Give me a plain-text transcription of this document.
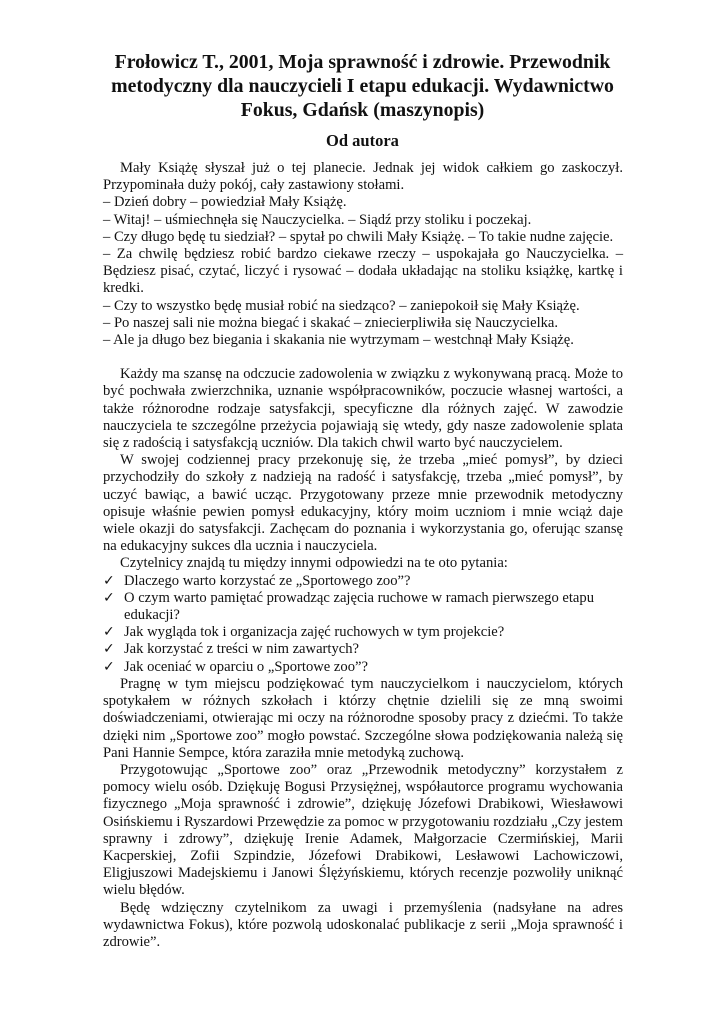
Frołowicz T., 2001, Moja sprawność i zdrowie. Przewodnik metodyczny dla nauczycieli I etapu edukacji. Wydawnictwo Fokus, Gdańsk (maszynopis)
Od autora

Mały Książę słyszał już o tej planecie. Jednak jej widok całkiem go zaskoczył. Przypominała duży pokój, cały zastawiony stołami.

– Dzień dobry – powiedział Mały Książę.

– Witaj! – uśmiechnęła się Nauczycielka. – Siądź przy stoliku i poczekaj.

– Czy długo będę tu siedział? – spytał po chwili Mały Książę. – To takie nudne zajęcie.

– Za chwilę będziesz robić bardzo ciekawe rzeczy – uspokajała go Nauczycielka. – Będziesz pisać, czytać, liczyć i rysować – dodała układając na stoliku książkę, kartkę i kredki.

– Czy to wszystko będę musiał robić na siedząco? – zaniepokoił się Mały Książę.

– Po naszej sali nie można biegać i skakać – zniecierpliwiła się Nauczycielka.

– Ale ja długo bez biegania i skakania nie wytrzymam – westchnął Mały Książę.

Każdy ma szansę na odczucie zadowolenia w związku z wykonywaną pracą. Może to być pochwała zwierzchnika, uznanie współpracowników, poczucie własnej wartości, a także różnorodne rodzaje satysfakcji, specyficzne dla różnych zajęć. W zawodzie nauczyciela te szczególne przeżycia pojawiają się wtedy, gdy nasze zadowolenie splata się z radością i satysfakcją uczniów. Dla takich chwil warto być nauczycielem.

W swojej codziennej pracy przekonuję się, że trzeba „mieć pomysł”, by dzieci przychodziły do szkoły z nadzieją na radość i satysfakcję, trzeba „mieć pomysł”, by uczyć bawiąc, a bawić ucząc. Przygotowany przeze mnie przewodnik metodyczny opisuje właśnie pewien pomysł edukacyjny, który moim uczniom i mnie wciąż daje wiele okazji do satysfakcji. Zachęcam do poznania i wykorzystania go, oferując szansę na edukacyjny sukces dla ucznia i nauczyciela.

Czytelnicy znajdą tu między innymi odpowiedzi na te oto pytania:

✓ Dlaczego warto korzystać ze „Sportowego zoo”?
✓ O czym warto pamiętać prowadząc zajęcia ruchowe w ramach pierwszego etapu edukacji?
✓ Jak wygląda tok i organizacja zajęć ruchowych w tym projekcie?
✓ Jak korzystać z treści w nim zawartych?
✓ Jak oceniać w oparciu o „Sportowe zoo”?

Pragnę w tym miejscu podziękować tym nauczycielkom i nauczycielom, których spotykałem w różnych szkołach i którzy chętnie dzielili się ze mną swoimi doświadczeniami, otwierając mi oczy na różnorodne sposoby pracy z dziećmi. To także dzięki nim „Sportowe zoo” mogło powstać. Szczególne słowa podziękowania należą się Pani Hannie Sempce, która zaraziła mnie metodyką zuchową.

Przygotowując „Sportowe zoo” oraz „Przewodnik metodyczny” korzystałem z pomocy wielu osób. Dziękuję Bogusi Przysiężnej, współautorce programu wychowania fizycznego „Moja sprawność i zdrowie”, dziękuję Józefowi Drabikowi, Wiesławowi Osińskiemu i Ryszardowi Przewędzie za pomoc w przygotowaniu rozdziału „Czy jestem sprawny i zdrowy”, dziękuję Irenie Adamek, Małgorzacie Czermińskiej, Marii Kacperskiej, Zofii Szpindzie, Józefowi Drabikowi, Lesławowi Lachowiczowi, Eligjuszowi Madejskiemu i Janowi Ślężyńskiemu, których recenzje pozwoliły uniknąć wielu błędów.

Będę wdzięczny czytelnikom za uwagi i przemyślenia (nadsyłane na adres wydawnictwa Fokus), które pozwolą udoskonalać publikacje z serii „Moja sprawność i zdrowie”.
